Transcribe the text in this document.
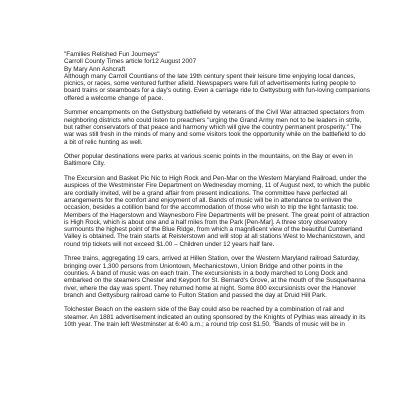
"Families Relished Fun Journeys"
Carroll County Times article for12 August 2007
By Mary Ann Ashcraft

Although many Carroll Countians of the late 19th century spent their leisure time enjoying local dances, picnics, or races, some ventured further afield. Newspapers were full of advertisements luring people to board trains or steamboats for a day's outing. Even a carriage ride to Gettysburg with fun-loving companions offered a welcome change of pace.

Summer encampments on the Gettysburg battlefield by veterans of the Civil War attracted spectators from neighboring districts who could listen to preachers "urging the Grand Army men not to be leaders in strife, but rather conservators of that peace and harmony which will give the country permanent prosperity." The war was still fresh in the minds of many and some visitors took the opportunity while on the battlefield to do a bit of relic hunting as well.

Other popular destinations were parks at various scenic points in the mountains, on the Bay or even in Baltimore City.

The Excursion and Basket Pic Nic to High Rock and Pen-Mar on the Western Maryland Railroad, under the auspices of the Westminster Fire Department on Wednesday morning, 11 of August next, to which the public are cordially invited, will be a grand affair from present indications. The committee have perfected all arrangements for the comfort and enjoyment of all. Bands of music will be in attendance to enliven the occasion, besides a cotillion band for the accommodation of those who wish to trip the light fantastic toe. Members of the Hagerstown and Waynesboro Fire Departments will be present. The great point of attraction is High Rock, which is about one and a half miles from the Park [Pen-Mar]. A three story observatory surmounts the highest point of the Blue Ridge, from which a magnificent view of the beautiful Cumberland Valley is obtained. The train starts at Reisterstown and will stop at all stations West to Mechanicstown, and round trip tickets will not exceed $1.00 – Children under 12 years half fare.

Three trains, aggregating 19 cars, arrived at Hillen Station, over the Western Maryland railroad Saturday, bringing over 1,300 persons from Uniontown, Mechanicstown, Union Bridge and other points in the counties. A band of music was on each train. The excursionists in a body marched to Long Dock and embarked on the steamers Chester and Keyport for St. Bernard's Grove, at the mouth of the Susquehanna river, where the day was spent. They returned home at night. Some 800 excursionists over the Hanover branch and Gettysburg railroad came to Fulton Station and passed the day at Druid Hill Park.

Tolchester Beach on the eastern side of the Bay could also be reached by a combination of rail and steamer. An 1881 advertisement indicated an outing sponsored by the Knights of Pythias was already in its 10th year. The train left Westminster at 6:40 a.m.; a round trip cost $1.50. "Bands of music will be in
